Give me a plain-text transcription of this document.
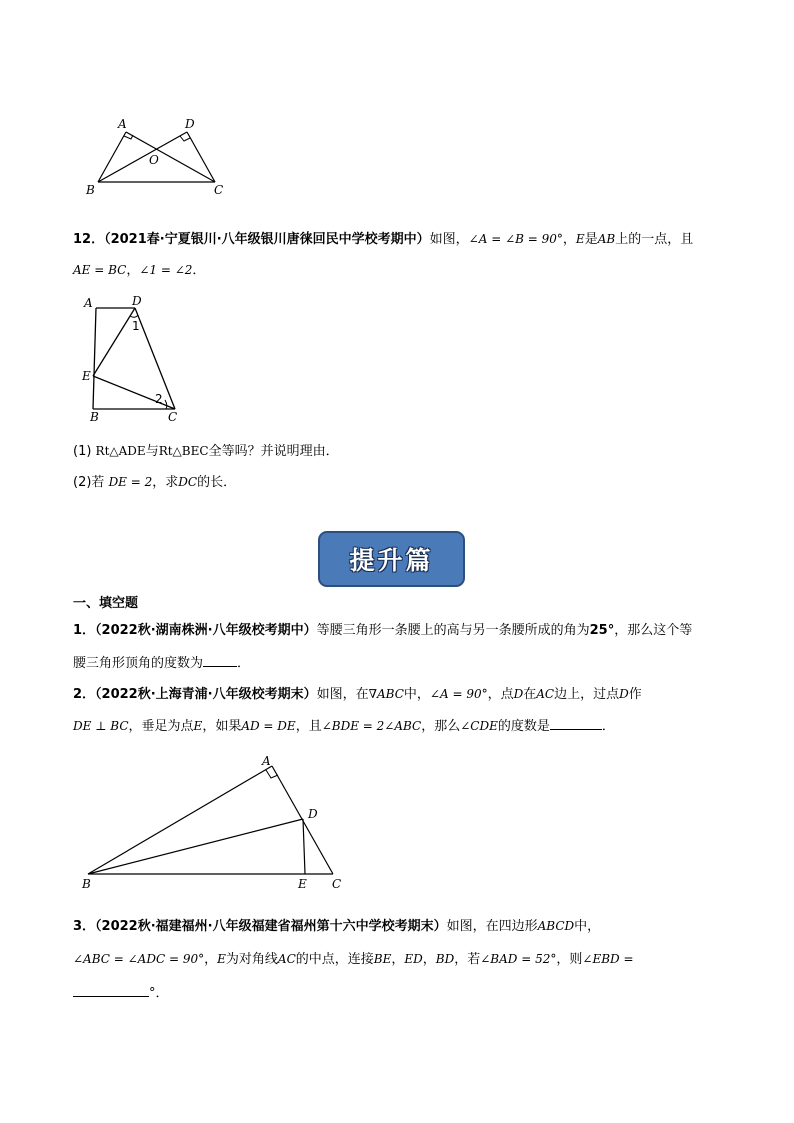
A	D
O
B	C
12．（2021春·宁夏银川·八年级银川唐徕回民中学校考期中）如图，∠A = ∠B = 90°，E是AB上的一点，且
AE = BC，∠1 = ∠2．
A	D
1
E
2
B	C
(1) Rt△ADE与Rt△BEC全等吗？并说明理由．
(2)若 DE = 2，求DC的长．
提升篇
一、填空题
1．（2022秋·湖南株洲·八年级校考期中）等腰三角形一条腰上的高与另一条腰所成的角为25°，那么这个等
腰三角形顶角的度数为	．
2．（2022秋·上海青浦·八年级校考期末）如图，在∇ABC中，∠A = 90°，点D在AC边上，过点D作
DE ⊥ BC，垂足为点E，如果AD = DE，且∠BDE = 2∠ABC，那么∠CDE的度数是	．
A
D
B	E C
3．（2022秋·福建福州·八年级福建省福州第十六中学校考期末）如图，在四边形ABCD中，
∠ABC = ∠ADC = 90°，E为对角线AC的中点，连接BE，ED，BD，若∠BAD = 52°，则∠EBD =
°．
